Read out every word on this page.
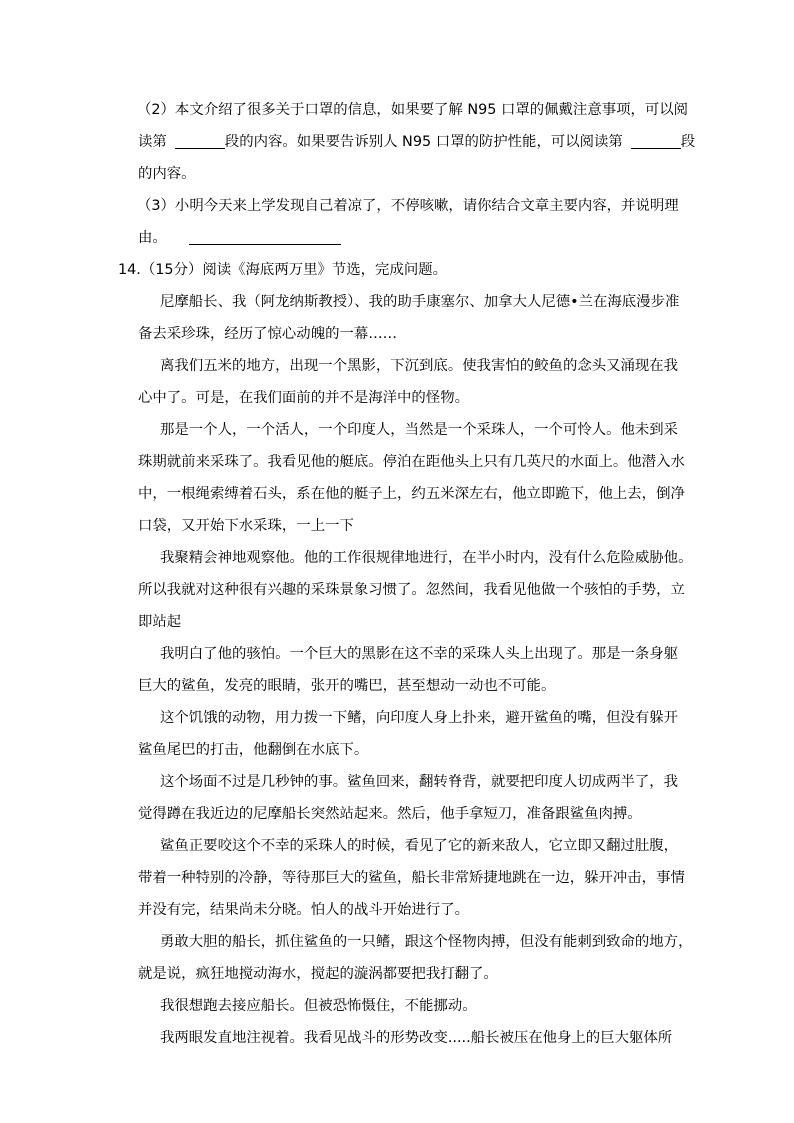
（2）本文介绍了很多关于口罩的信息，如果要了解 N95 口罩的佩戴注意事项，可以阅
读第	段的内容。如果要告诉别人 N95 口罩的防护性能，可以阅读第	段
的内容。
（3）小明今天来上学发现自己着凉了，不停咳嗽，请你结合文章主要内容，并说明理
由。
14.（15分）阅读《海底两万里》节选，完成问题。
尼摩船长、我（阿龙纳斯教授）、我的助手康塞尔、加拿大人尼德•兰在海底漫步准
备去采珍珠，经历了惊心动魄的一幕……
离我们五米的地方，出现一个黑影，下沉到底。使我害怕的鲛鱼的念头又涌现在我
心中了。可是，在我们面前的并不是海洋中的怪物。
那是一个人，一个活人，一个印度人，当然是一个采珠人，一个可怜人。他未到采
珠期就前来采珠了。我看见他的艇底。停泊在距他头上只有几英尺的水面上。他潜入水
中，一根绳索缚着石头，系在他的艇子上，约五米深左右，他立即跪下，他上去，倒净
口袋，又开始下水采珠，一上一下
我聚精会神地观察他。他的工作很规律地进行，在半小时内，没有什么危险威胁他。
所以我就对这种很有兴趣的采珠景象习惯了。忽然间，我看见他做一个骇怕的手势，立
即站起
我明白了他的骇怕。一个巨大的黑影在这不幸的采珠人头上出现了。那是一条身躯
巨大的鲨鱼，发亮的眼睛，张开的嘴巴，甚至想动一动也不可能。
这个饥饿的动物，用力拨一下鳍，向印度人身上扑来，避开鲨鱼的嘴，但没有躲开
鲨鱼尾巴的打击，他翻倒在水底下。
这个场面不过是几秒钟的事。鲨鱼回来，翻转脊背，就要把印度人切成两半了，我
觉得蹲在我近边的尼摩船长突然站起来。然后，他手拿短刀，准备跟鲨鱼肉搏。
鲨鱼正要咬这个不幸的采珠人的时候，看见了它的新来敌人，它立即又翻过肚腹，
带着一种特别的冷静，等待那巨大的鲨鱼，船长非常矫捷地跳在一边，躲开冲击，事情
并没有完，结果尚未分晓。怕人的战斗开始进行了。
勇敢大胆的船长，抓住鲨鱼的一只鳍，跟这个怪物肉搏，但没有能刺到致命的地方，
就是说，疯狂地搅动海水，搅起的漩涡都要把我打翻了。
我很想跑去接应船长。但被恐怖慑住，不能挪动。
我两眼发直地注视着。我看见战斗的形势改变.....船长被压在他身上的巨大躯体所
